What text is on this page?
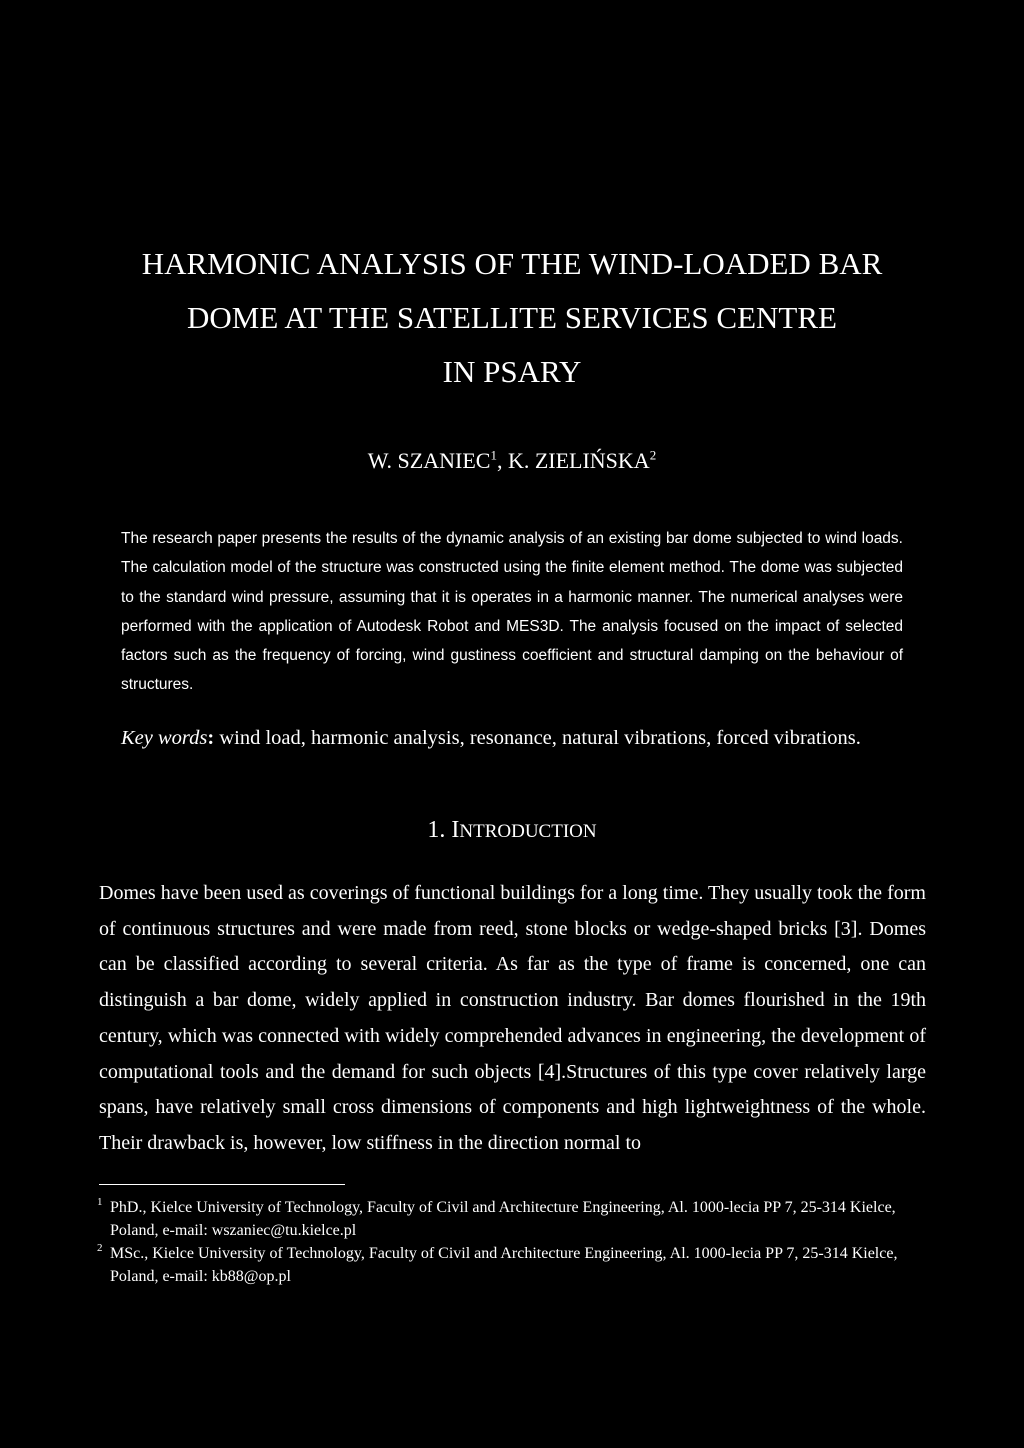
HARMONIC ANALYSIS OF THE WIND-LOADED BAR
DOME AT THE SATELLITE SERVICES CENTRE
IN PSARY
W. SZANIEC$^1$, K. ZIELIŃSKA$^2$

The research paper presents the results of the dynamic analysis of an existing bar dome subjected to wind loads. The calculation model of the structure was constructed using the finite element method. The dome was subjected to the standard wind pressure, assuming that it is operates in a harmonic manner. The numerical analyses were performed with the application of Autodesk Robot and MES3D. The analysis focused on the impact of selected factors such as the frequency of forcing, wind gustiness coefficient and structural damping on the behaviour of structures.

Key words: wind load, harmonic analysis, resonance, natural vibrations, forced vibrations.

1. INTRODUCTION

Domes have been used as coverings of functional buildings for a long time. They usually took the form of continuous structures and were made from reed, stone blocks or wedge-shaped bricks [3]. Domes can be classified according to several criteria. As far as the type of frame is concerned, one can distinguish a bar dome, widely applied in construction industry. Bar domes flourished in the 19th century, which was connected with widely comprehended advances in engineering, the development of computational tools and the demand for such objects [4].Structures of this type cover relatively large spans, have relatively small cross dimensions of components and high lightweightness of the whole. Their drawback is, however, low stiffness in the direction normal to

1 PhD., Kielce University of Technology, Faculty of Civil and Architecture Engineering, Al. 1000-lecia PP 7, 25-314 Kielce, Poland, e-mail: wszaniec@tu.kielce.pl

2 MSc., Kielce University of Technology, Faculty of Civil and Architecture Engineering, Al. 1000-lecia PP 7, 25-314 Kielce, Poland, e-mail: kb88@op.pl
